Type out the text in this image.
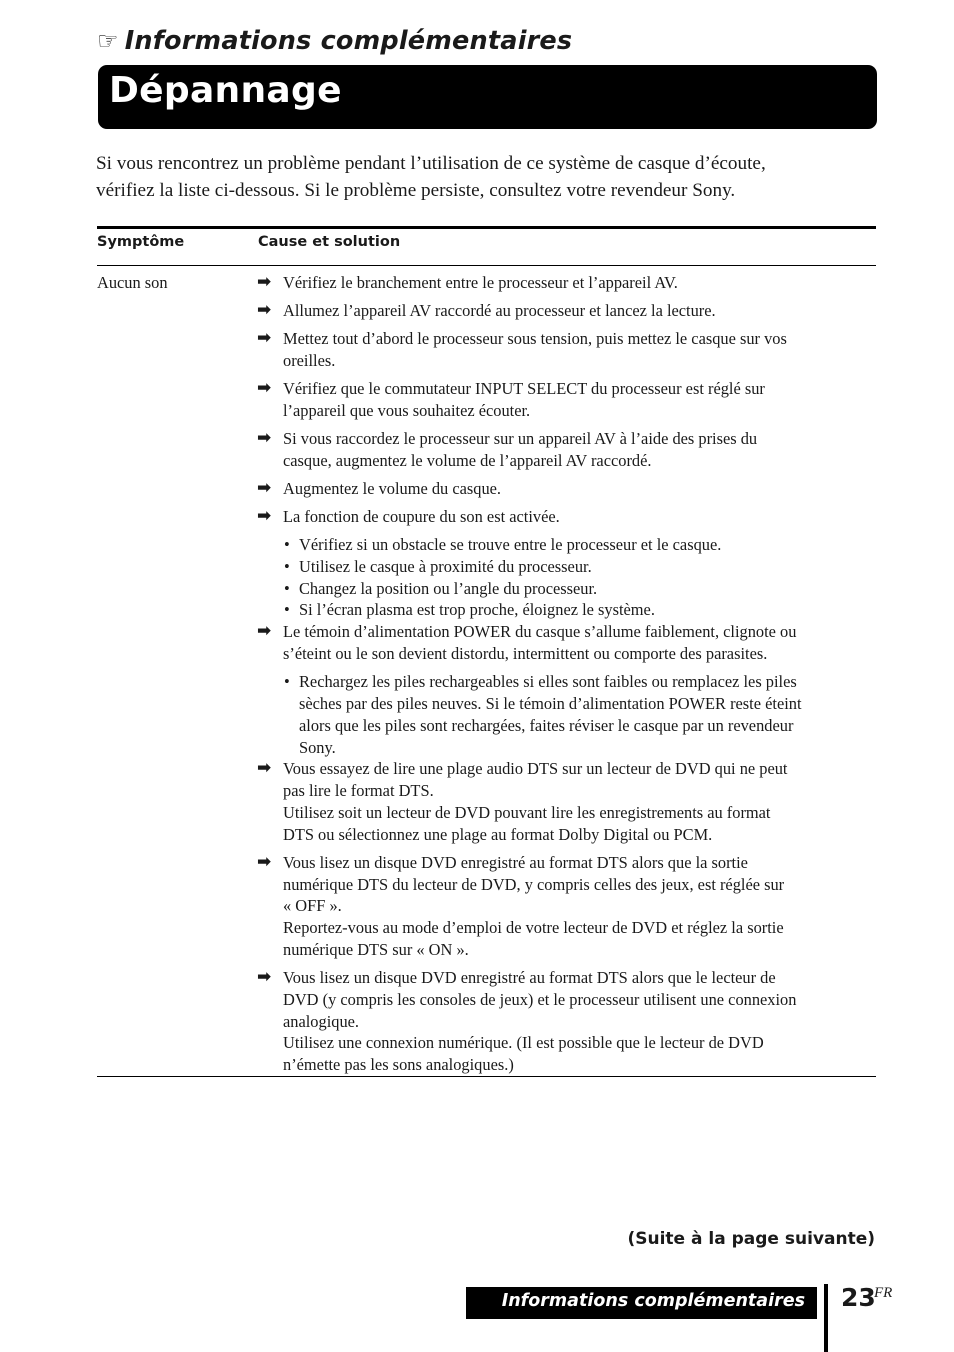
☞ Informations complémentaires
Dépannage

Si vous rencontrez un problème pendant l’utilisation de ce système de casque d’écoute,
vérifiez la liste ci-dessous. Si le problème persiste, consultez votre revendeur Sony.

Symptôme	Cause et solution
Aucun son	➡ Vérifiez le branchement entre le processeur et l’appareil AV.
➡ Allumez l’appareil AV raccordé au processeur et lancez la lecture.
➡ Mettez tout d’abord le processeur sous tension, puis mettez le casque sur vos
oreilles.
➡ Vérifiez que le commutateur INPUT SELECT du processeur est réglé sur
l’appareil que vous souhaitez écouter.
➡ Si vous raccordez le processeur sur un appareil AV à l’aide des prises du
casque, augmentez le volume de l’appareil AV raccordé.
➡ Augmentez le volume du casque.
➡ La fonction de coupure du son est activée.
• Vérifiez si un obstacle se trouve entre le processeur et le casque.
• Utilisez le casque à proximité du processeur.
• Changez la position ou l’angle du processeur.
• Si l’écran plasma est trop proche, éloignez le système.
➡ Le témoin d’alimentation POWER du casque s’allume faiblement, clignote ou
s’éteint ou le son devient distordu, intermittent ou comporte des parasites.
• Rechargez les piles rechargeables si elles sont faibles ou remplacez les piles
sèches par des piles neuves. Si le témoin d’alimentation POWER reste éteint
alors que les piles sont rechargées, faites réviser le casque par un revendeur
Sony.
➡ Vous essayez de lire une plage audio DTS sur un lecteur de DVD qui ne peut
pas lire le format DTS.
Utilisez soit un lecteur de DVD pouvant lire les enregistrements au format
DTS ou sélectionnez une plage au format Dolby Digital ou PCM.
➡ Vous lisez un disque DVD enregistré au format DTS alors que la sortie
numérique DTS du lecteur de DVD, y compris celles des jeux, est réglée sur
« OFF ».
Reportez-vous au mode d’emploi de votre lecteur de DVD et réglez la sortie
numérique DTS sur « ON ».
➡ Vous lisez un disque DVD enregistré au format DTS alors que le lecteur de
DVD (y compris les consoles de jeux) et le processeur utilisent une connexion
analogique.
Utilisez une connexion numérique. (Il est possible que le lecteur de DVD
n’émette pas les sons analogiques.)
(Suite à la page suivante)
Informations complémentaires 23
FR
